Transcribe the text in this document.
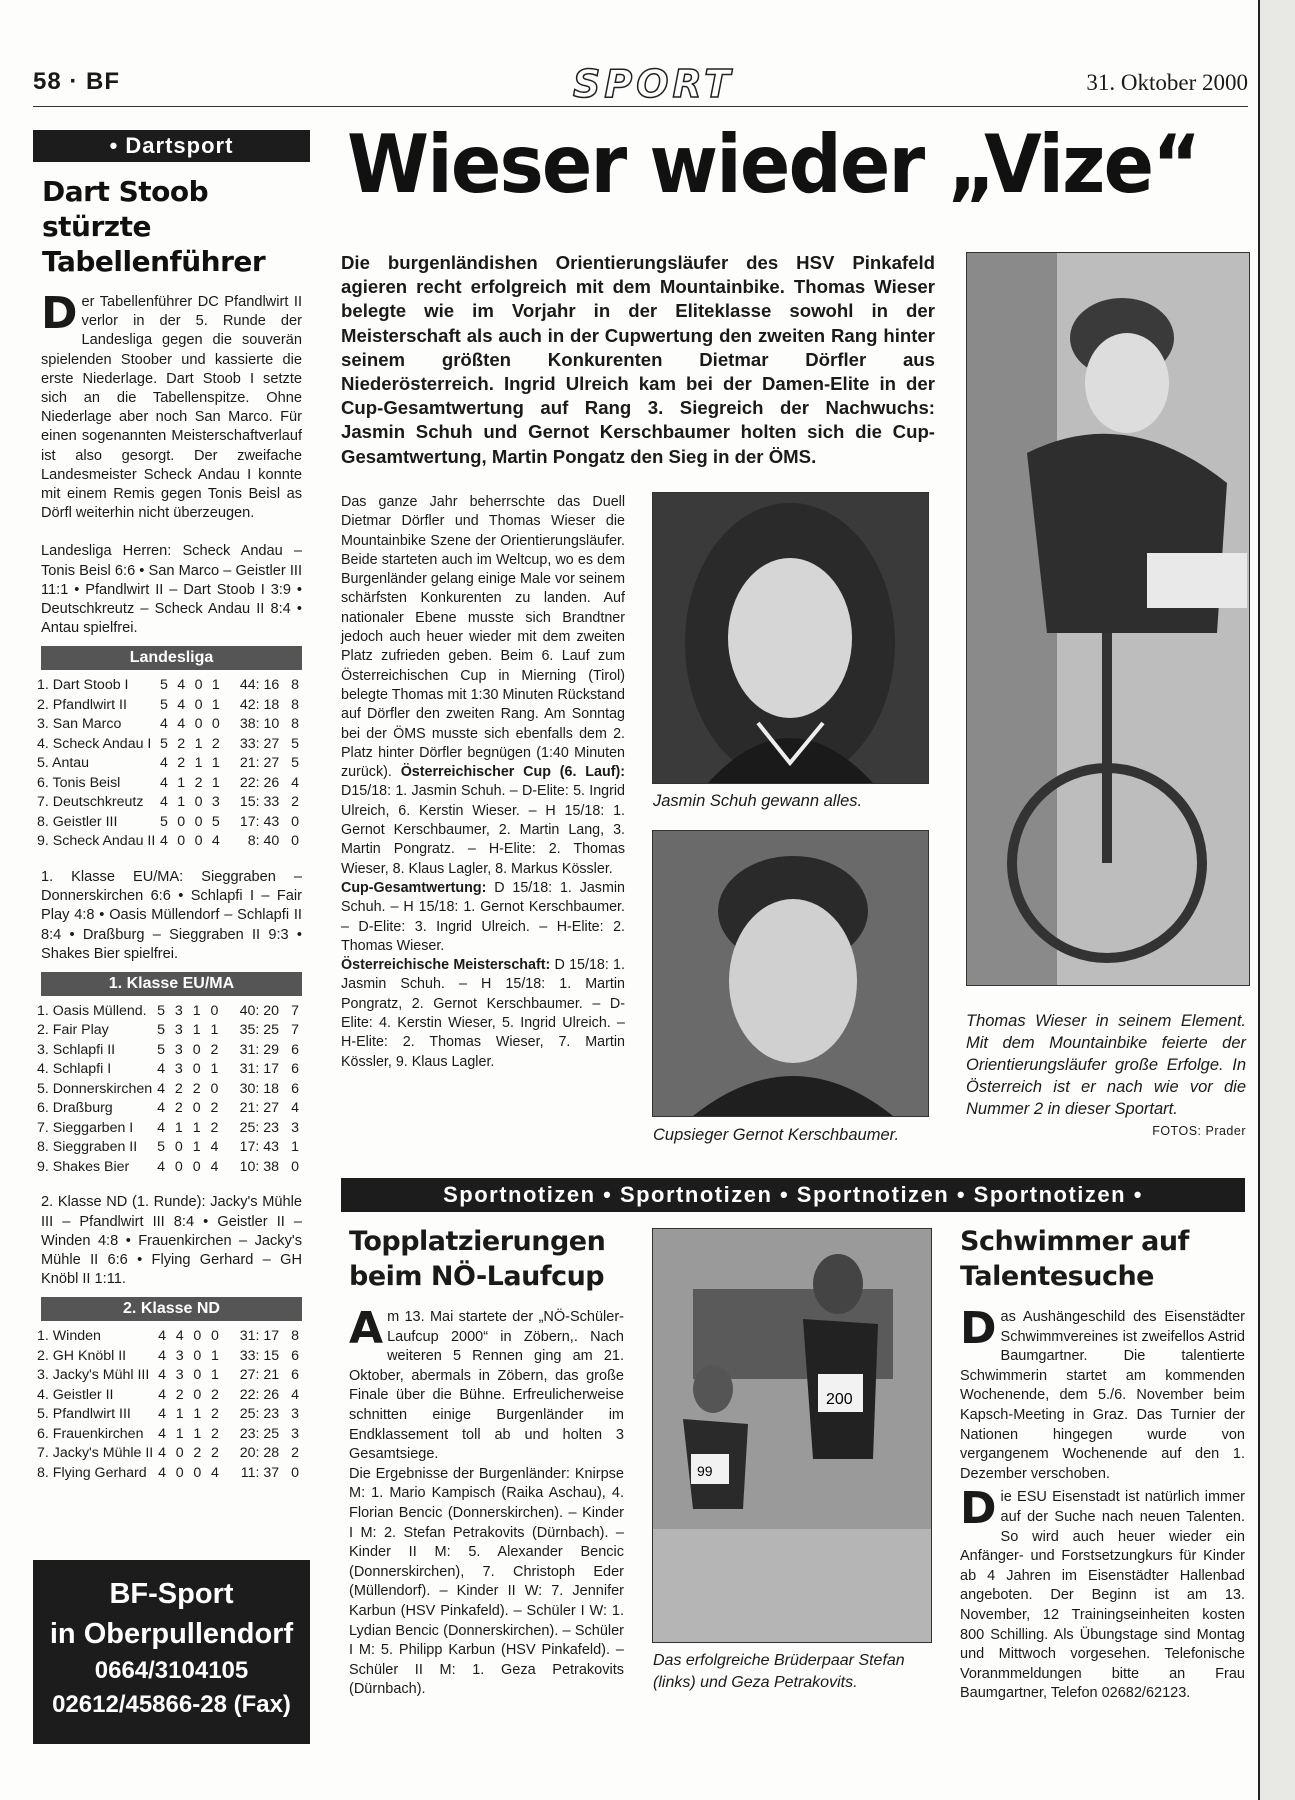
58 · BF	SPORT	31. Oktober 2000
• Dartsport
Dart Stoob stürzte Tabellenführer
Der Tabellenführer DC Pfandlwirt II verlor in der 5. Runde der Landesliga gegen die souverän spielenden Stoober und kassierte die erste Niederlage. Dart Stoob I setzte sich an die Tabellenspitze. Ohne Niederlage aber noch San Marco. Für einen sogenannten Meisterschaftverlauf ist also gesorgt. Der zweifache Landesmeister Scheck Andau I konnte mit einem Remis gegen Tonis Beisl as Dörfl weiterhin nicht überzeugen.
Landesliga Herren: Scheck Andau – Tonis Beisl 6:6 • San Marco – Geistler III 11:1 • Pfandlwirt II – Dart Stoob I 3:9 • Deutschkreutz – Scheck Andau II 8:4 • Antau spielfrei.
Landesliga
1. Dart Stoob I	5	4	0	1	44: 16	8
2. Pfandlwirt II	5	4	0	1	42: 18	8
3. San Marco	4	4	0	0	38: 10	8
4. Scheck Andau I	5	2	1	2	33: 27	5
5. Antau	4	2	1	1	21: 27	5
6. Tonis Beisl	4	1	2	1	22: 26	4
7. Deutschkreutz	4	1	0	3	15: 33	2
8. Geistler III	5	0	0	5	17: 43	0
9. Scheck Andau II	4	0	0	4	8: 40	0
1. Klasse EU/MA: Sieggraben – Donnerskirchen 6:6 • Schlapfi I – Fair Play 4:8 • Oasis Müllendorf – Schlapfi II 8:4 • Draßburg – Sieggraben II 9:3 • Shakes Bier spielfrei.
1. Klasse EU/MA
1. Oasis Müllend.	5	3	1	0	40: 20	7
2. Fair Play	5	3	1	1	35: 25	7
3. Schlapfi II	5	3	0	2	31: 29	6
4. Schlapfi I	4	3	0	1	31: 17	6
5. Donnerskirchen	4	2	2	0	30: 18	6
6. Draßburg	4	2	0	2	21: 27	4
7. Sieggarben I	4	1	1	2	25: 23	3
8. Sieggraben II	5	0	1	4	17: 43	1
9. Shakes Bier	4	0	0	4	10: 38	0
2. Klasse ND (1. Runde): Jacky's Mühle III – Pfandlwirt III 8:4 • Geistler II – Winden 4:8 • Frauenkirchen – Jacky's Mühle II 6:6 • Flying Gerhard – GH Knöbl II 1:11.
2. Klasse ND
1. Winden	4	4	0	0	31: 17	8
2. GH Knöbl II	4	3	0	1	33: 15	6
3. Jacky's Mühl III	4	3	0	1	27: 21	6
4. Geistler II	4	2	0	2	22: 26	4
5. Pfandlwirt III	4	1	1	2	25: 23	3
6. Frauenkirchen	4	1	1	2	23: 25	3
7. Jacky's Mühle II	4	0	2	2	20: 28	2
8. Flying Gerhard	4	0	0	4	11: 37	0
BF-Sport
in Oberpullendorf
0664/3104105
02612/45866-28 (Fax)
Wieser wieder „Vize“
Die burgenländishen Orientierungsläufer des HSV Pinkafeld agieren recht erfolgreich mit dem Mountainbike. Thomas Wieser belegte wie im Vorjahr in der Eliteklasse sowohl in der Meisterschaft als auch in der Cupwertung den zweiten Rang hinter seinem größten Konkurenten Dietmar Dörfler aus Niederösterreich. Ingrid Ulreich kam bei der Damen-Elite in der Cup-Gesamtwertung auf Rang 3. Siegreich der Nachwuchs: Jasmin Schuh und Gernot Kerschbaumer holten sich die Cup-Gesamtwertung, Martin Pongatz den Sieg in der ÖMS.
Das ganze Jahr beherrschte das Duell Dietmar Dörfler und Thomas Wieser die Mountainbike Szene der Orientierungsläufer. Beide starteten auch im Weltcup, wo es dem Burgenländer gelang einige Male vor seinem schärfsten Konkurenten zu landen. Auf nationaler Ebene musste sich Brandtner jedoch auch heuer wieder mit dem zweiten Platz zufrieden geben. Beim 6. Lauf zum Österreichischen Cup in Mierning (Tirol) belegte Thomas mit 1:30 Minuten Rückstand auf Dörfler den zweiten Rang. Am Sonntag bei der ÖMS musste sich ebenfalls dem 2. Platz hinter Dörfler begnügen (1:40 Minuten zurück). Österreichischer Cup (6. Lauf): D15/18: 1. Jasmin Schuh. – D-Elite: 5. Ingrid Ulreich, 6. Kerstin Wieser. – H 15/18: 1. Gernot Kerschbaumer, 2. Martin Lang, 3. Martin Pongratz. – H-Elite: 2. Thomas Wieser, 8. Klaus Lagler, 8. Markus Kössler.
Cup-Gesamtwertung: D 15/18: 1. Jasmin Schuh. – H 15/18: 1. Gernot Kerschbaumer. – D-Elite: 3. Ingrid Ulreich. – H-Elite: 2. Thomas Wieser.
Österreichische Meisterschaft: D 15/18: 1. Jasmin Schuh. – H 15/18: 1. Martin Pongratz, 2. Gernot Kerschbaumer. – D-Elite: 4. Kerstin Wieser, 5. Ingrid Ulreich. – H-Elite: 2. Thomas Wieser, 7. Martin Kössler, 9. Klaus Lagler.
Jasmin Schuh gewann alles.
Cupsieger Gernot Kerschbaumer.
Thomas Wieser in seinem Element. Mit dem Mountainbike feierte der Orientierungsläufer große Erfolge. In Österreich ist er nach wie vor die Nummer 2 in dieser Sportart.
FOTOS: Prader
Sportnotizen • Sportnotizen • Sportnotizen • Sportnotizen •
Topplatzierungen beim NÖ-Laufcup
Am 13. Mai startete der „NÖ-Schüler-Laufcup 2000“ in Zöbern,. Nach weiteren 5 Rennen ging am 21. Oktober, abermals in Zöbern, das große Finale über die Bühne. Erfreulicherweise schnitten einige Burgenländer im Endklassement toll ab und holten 3 Gesamtsiege.
Die Ergebnisse der Burgenländer: Knirpse M: 1. Mario Kampisch (Raika Aschau), 4. Florian Bencic (Donnerskirchen). – Kinder I M: 2. Stefan Petrakovits (Dürnbach). – Kinder II M: 5. Alexander Bencic (Donnerskirchen), 7. Christoph Eder (Müllendorf). – Kinder II W: 7. Jennifer Karbun (HSV Pinkafeld). – Schüler I W: 1. Lydian Bencic (Donnerskirchen). – Schüler I M: 5. Philipp Karbun (HSV Pinkafeld). – Schüler II M: 1. Geza Petrakovits (Dürnbach).
200
99
Das erfolgreiche Brüderpaar Stefan (links) und Geza Petrakovits.
Schwimmer auf Talentesuche
Das Aushängeschild des Eisenstädter Schwimmvereines ist zweifellos Astrid Baumgartner. Die talentierte Schwimmerin startet am kommenden Wochenende, dem 5./6. November beim Kapsch-Meeting in Graz. Das Turnier der Nationen hingegen wurde von vergangenem Wochenende auf den 1. Dezember verschoben.
Die ESU Eisenstadt ist natürlich immer auf der Suche nach neuen Talenten. So wird auch heuer wieder ein Anfänger- und Forstsetzungkurs für Kinder ab 4 Jahren im Eisenstädter Hallenbad angeboten. Der Beginn ist am 13. November, 12 Trainingseinheiten kosten 800 Schilling. Als Übungstage sind Montag und Mittwoch vorgesehen. Telefonische Voranmmeldungen bitte an Frau Baumgartner, Telefon 02682/62123.
